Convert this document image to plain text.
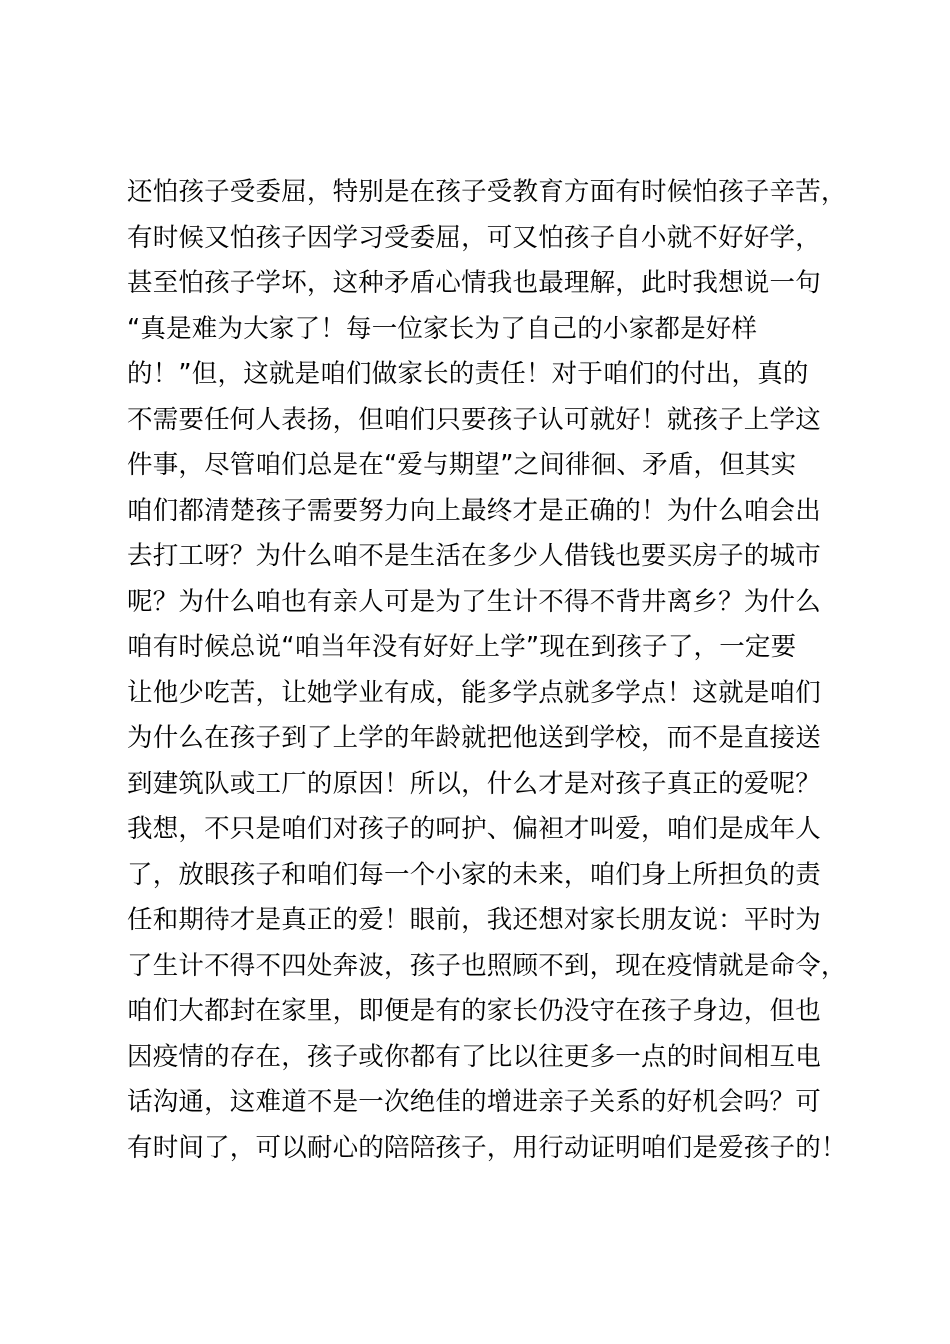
还怕孩子受委屈，特别是在孩子受教育方面有时候怕孩子辛苦，
有时候又怕孩子因学习受委屈，可又怕孩子自小就不好好学，
甚至怕孩子学坏，这种矛盾心情我也最理解，此时我想说一句
“真是难为大家了！每一位家长为了自己的小家都是好样
的！”但，这就是咱们做家长的责任！对于咱们的付出，真的
不需要任何人表扬，但咱们只要孩子认可就好！就孩子上学这
件事，尽管咱们总是在“爱与期望”之间徘徊、矛盾，但其实
咱们都清楚孩子需要努力向上最终才是正确的！为什么咱会出
去打工呀？为什么咱不是生活在多少人借钱也要买房子的城市
呢？为什么咱也有亲人可是为了生计不得不背井离乡？为什么
咱有时候总说“咱当年没有好好上学”现在到孩子了，一定要
让他少吃苦，让她学业有成，能多学点就多学点！这就是咱们
为什么在孩子到了上学的年龄就把他送到学校，而不是直接送
到建筑队或工厂的原因！所以，什么才是对孩子真正的爱呢？
我想，不只是咱们对孩子的呵护、偏袒才叫爱，咱们是成年人
了，放眼孩子和咱们每一个小家的未来，咱们身上所担负的责
任和期待才是真正的爱！眼前，我还想对家长朋友说：平时为
了生计不得不四处奔波，孩子也照顾不到，现在疫情就是命令，
咱们大都封在家里，即便是有的家长仍没守在孩子身边，但也
因疫情的存在，孩子或你都有了比以往更多一点的时间相互电
话沟通，这难道不是一次绝佳的增进亲子关系的好机会吗？可
有时间了，可以耐心的陪陪孩子，用行动证明咱们是爱孩子的！
